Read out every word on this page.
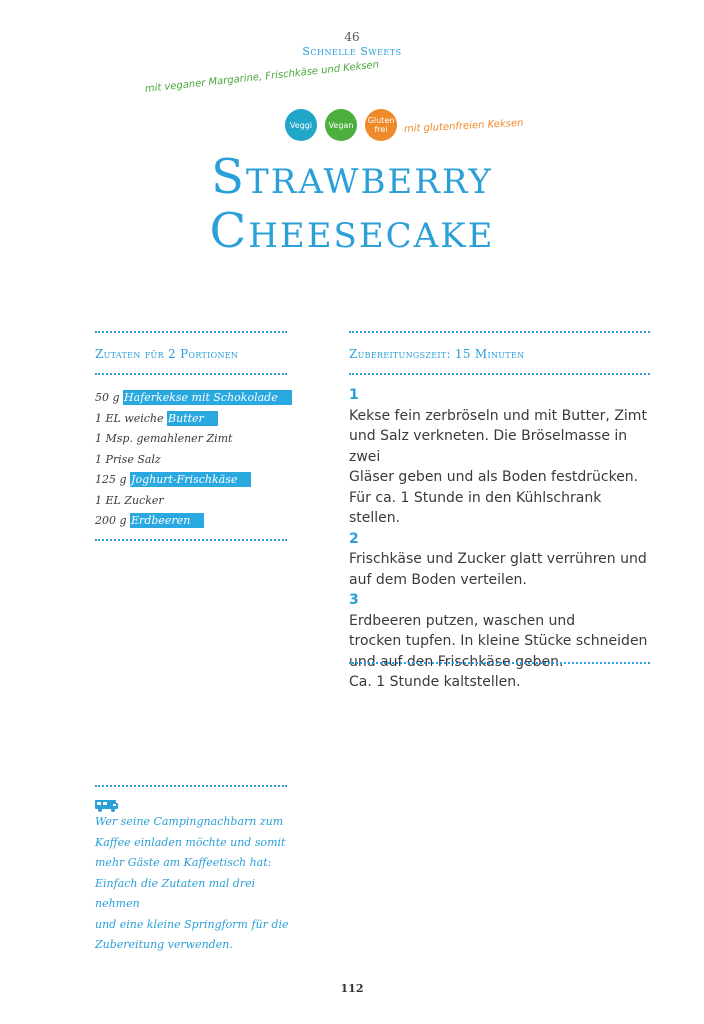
46
Schnelle Sweets
mit veganer Margarine, Frischkäse und Keksen
Veggi Vegan Gluten
frei	mit glutenfreien Keksen
Strawberry
Cheesecake
Zutaten für 2 Portionen
50 g Haferkekse mit Schokolade
1 EL weiche Butter
1 Msp. gemahlener Zimt
1 Prise Salz
125 g Joghurt-Frischkäse
1 EL Zucker
200 g Erdbeeren
Zubereitungszeit: 15 Minuten
1
Kekse fein zerbröseln und mit Butter, Zimt
und Salz verkneten. Die Bröselmasse in zwei
Gläser geben und als Boden festdrücken.
Für ca. 1 Stunde in den Kühlschrank stellen.
2
Frischkäse und Zucker glatt verrühren und
auf dem Boden verteilen.
3
Erdbeeren putzen, waschen und
trocken tupfen. In kleine Stücke schneiden
und auf den Frischkäse geben.
Ca. 1 Stunde kaltstellen.
Wer seine Campingnachbarn zum
Kaffee einladen möchte und somit
mehr Gäste am Kaffeetisch hat:
Einfach die Zutaten mal drei nehmen
und eine kleine Springform für die
Zubereitung verwenden.
112
